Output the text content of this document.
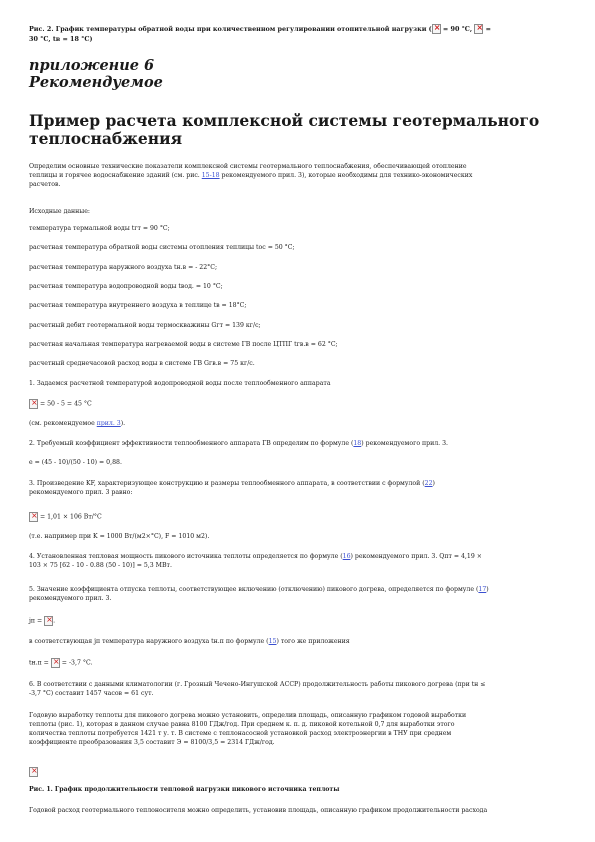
Рис. 2. График температуры обратной воды при количественном регулировании отопительной нагрузки (× = 90 °С, × =
30 °С, tв = 18 °С)

приложение 6
Рекомендуемое
Пример расчета комплексной системы геотермального
теплоснабжения
Определим основные технические показатели комплексной системы геотермального теплоснабжения, обеспечивающей отопление
теплицы и горячее водоснабжение зданий (см. рис. 15-18 рекомендуемого прил. 3), которые необходимы для технико-экономических
расчетов.
Исходные данные:
температура термальной воды tгт = 90 °С;
расчетная температура обратной воды системы отопления теплицы tос = 50 °С;
расчетная температура наружного воздуха tн.в = - 22°С;
расчетная температура водопроводной воды tвод. = 10 °С;
расчетная температура внутреннего воздуха в теплице tв = 18°С;
расчетный дебит геотермальной воды термоскважины Gгт = 139 кг/с;
расчетная начальная температура нагреваемой воды в системе ГВ после ЦТПГ tгв.в = 62 °С;
расчетный среднечасовой расход воды в системе ГВ Gгв.в = 75 кг/с.
1. Задаемся расчетной температурой водопроводной воды после теплообменного аппарата
× = 50 - 5 = 45 °С
(см. рекомендуемое прил. 3).
2. Требуемый коэффициент эффективности теплообменного аппарата ГВ определим по формуле (18) рекомендуемого прил. 3.
е = (45 - 10)/(50 - 10) = 0,88.
3. Произведение KF, характеризующее конструкцию и размеры теплообменного аппарата, в соответствии с формулой (22)
рекомендуемого прил. 3 равно:
× = 1,01 × 106 Вт/°С
(т.е. например при K = 1000 Вт/(м2×°С), F = 1010 м2).
4. Установленная тепловая мощность пикового источника теплоты определяется по формуле (16) рекомендуемого прил. 3. Qпт = 4,19 ×
103 × 75 [62 - 10 - 0.88 (50 - 10)] = 5,3 МВт.
5. Значение коэффициента отпуска теплоты, соответствующее включению (отключению) пикового догрева, определяется по формуле (17)
рекомендуемого прил. 3.
jп = ×.
в соответствующая jп температура наружного воздуха tн.п по формуле (15) того же приложения
tн.п = × = -3,7 °С.
6. В соответствии с данными климатологии (г. Грозный Чечено-Ингушской АССР) продолжительность работы пикового догрева (при tн ≤
-3,7 °С) составит 1457 часов = 61 сут.
Годовую выработку теплоты для пикового догрева можно установить, определив площадь, описанную графиком годовой выработки
теплоты (рис. 1), которая в данном случае равна 8100 ГДж/год. При среднем к. п. д. пиковой котельной 0,7 для выработки этого
количества теплоты потребуется 1421 т у. т. В системе с теплонасосной установкой расход электроэнергии в ТНУ при среднем
коэффициенте преобразования 3,5 составит Э = 8100/3,5 = 2314 ГДж/год.
×
Рис. 1. График продолжительности тепловой нагрузки пикового источника теплоты
Годовой расход геотермального теплоносителя можно определить, установив площадь, описанную графиком продолжительности расхода
